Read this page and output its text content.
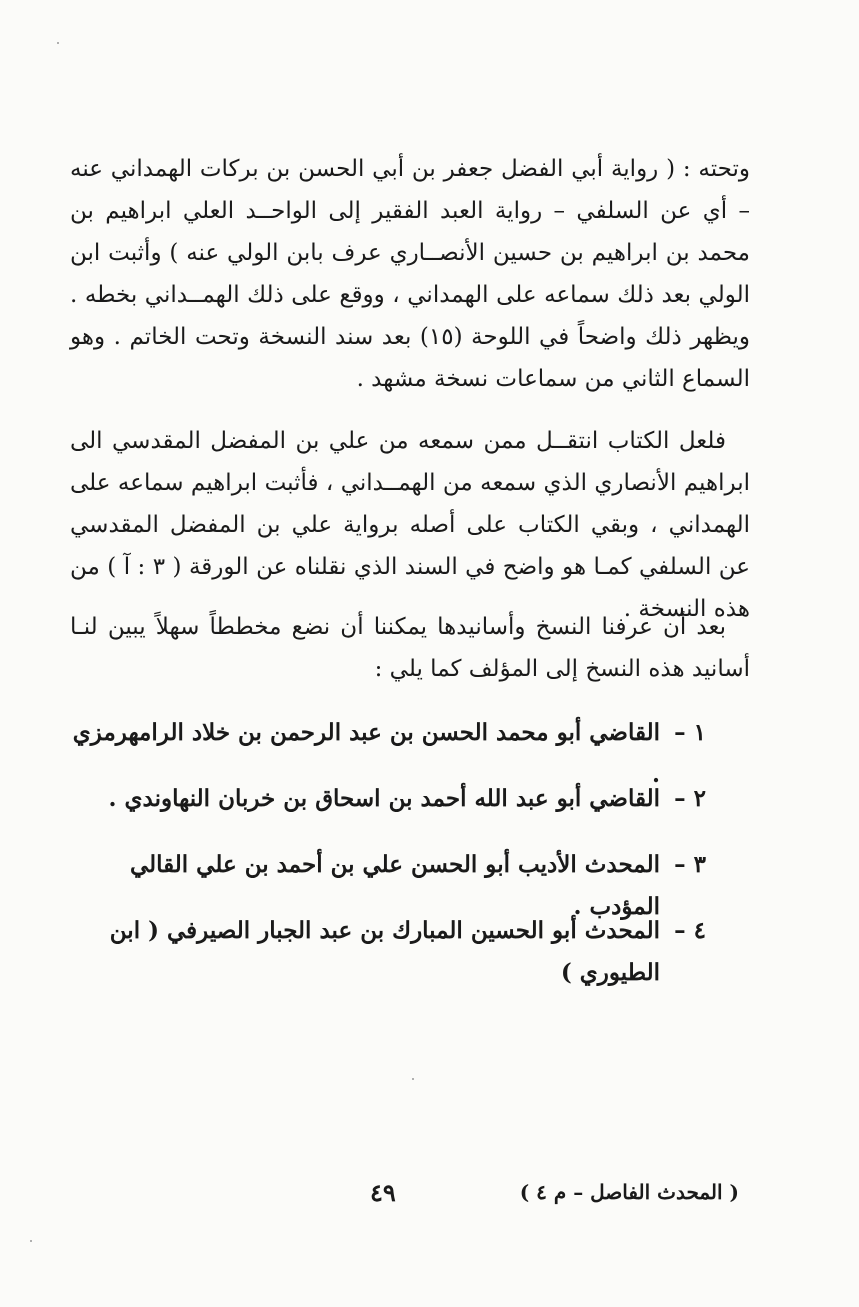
وتحته : ( رواية أبي الفضل جعفر بن أبي الحسن بن بركات الهمداني عنه – أي عن السلفي – رواية العبد الفقير إلى الواحــد العلي ابراهيم بن محمد بن ابراهيم بن حسين الأنصــاري عرف بابن الولي عنه ) وأثبت ابن الولي بعد ذلك سماعه على الهمداني ، ووقع على ذلك الهمــداني بخطه . ويظهر ذلك واضحاً في اللوحة (١٥) بعد سند النسخة وتحت الخاتم . وهو السماع الثاني من سماعات نسخة مشهد .

فلعل الكتاب انتقــل ممن سمعه من علي بن المفضل المقدسي الى ابراهيم الأنصاري الذي سمعه من الهمــداني ، فأثبت ابراهيم سماعه على الهمداني ، وبقي الكتاب على أصله برواية علي بن المفضل المقدسي عن السلفي كمـا هو واضح في السند الذي نقلناه عن الورقة ( ٣ : آ ) من هذه النسخة .

بعد أن عرفنا النسخ وأسانيدها يمكننا أن نضع مخططاً سهلاً يبين لنـا أسانيد هذه النسخ إلى المؤلف كما يلي :

١ –
القاضي أبو محمد الحسن بن عبد الرحمن بن خلاد الرامهرمزي .
٢ –
القاضي أبو عبد الله أحمد بن اسحاق بن خربان النهاوندي .
٣ –
المحدث الأديب أبو الحسن علي بن أحمد بن علي القالي المؤدب .
٤ –
المحدث أبو الحسين المبارك بن عبد الجبار الصيرفي ( ابن الطيوري )
٤٩	( المحدث الفاصل – م ٤ )
